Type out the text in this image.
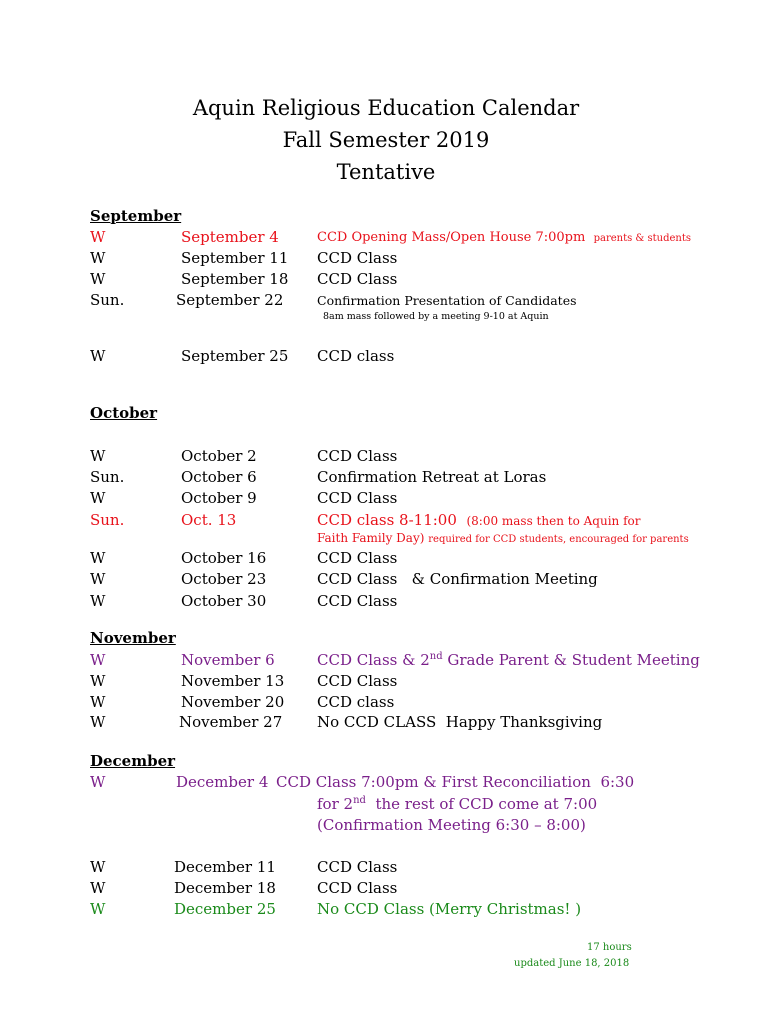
Aquin Religious Education Calendar
Fall Semester 2019
Tentative
September
W	September 4	CCD Opening Mass/Open House 7:00pm parents & students
W	September 11 CCD Class
W	September 18 CCD Class
Sun.	September 22	Confirmation Presentation of Candidates
8am mass followed by a meeting 9-10 at Aquin
W	September 25 CCD class
October
W	October 2	CCD Class
Sun.	October 6	Confirmation Retreat at Loras
W	October 9	CCD Class
Sun.	Oct. 13	CCD class 8-11:00 (8:00 mass then to Aquin for
Faith Family Day) required for CCD students, encouraged for parents
W	October 16	CCD Class
W	October 23	CCD Class   & Confirmation Meeting
W	October 30	CCD Class
November
W	November 6	CCD Class & 2nd Grade Parent & Student Meeting
W	November 13 CCD Class
W	November 20 CCD class
W	November 27 No CCD CLASS  Happy Thanksgiving
December
W	December 4 CCD Class 7:00pm & First Reconciliation  6:30
for 2nd  the rest of CCD come at 7:00
(Confirmation Meeting 6:30 – 8:00)
W	December 11	CCD Class
W	December 18	CCD Class
W	December 25	No CCD Class (Merry Christmas! )
17 hours
updated June 18, 2018
